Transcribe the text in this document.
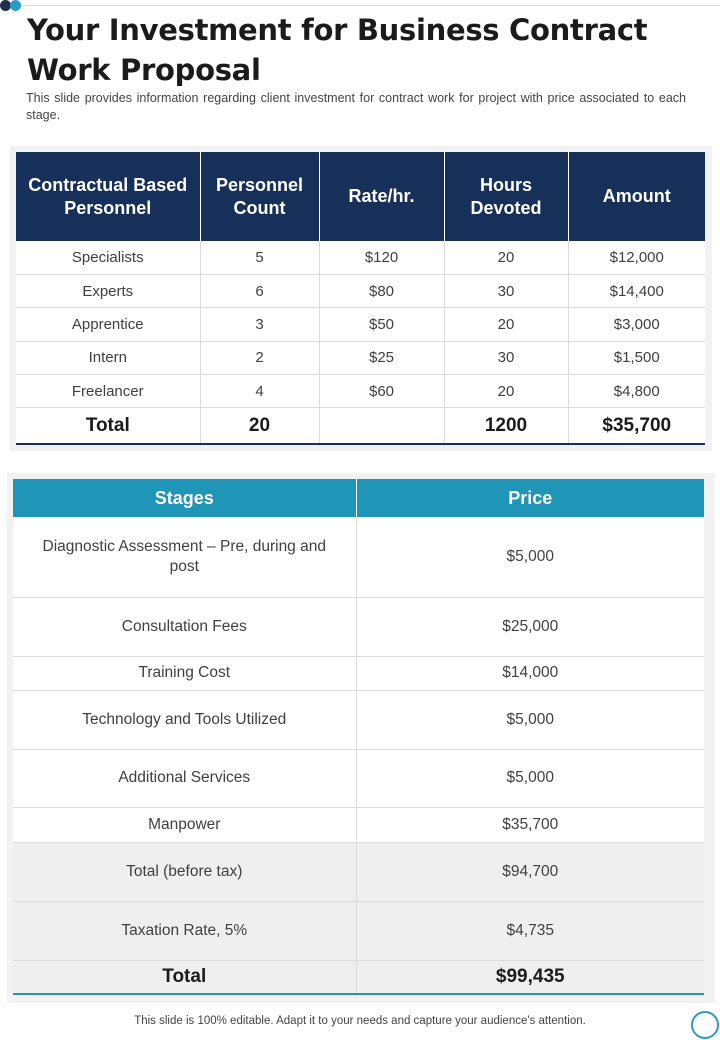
Your Investment for Business Contract
Work Proposal

This slide provides information regarding client investment for contract work for project with price associated to each stage.

Contractual Based Personnel	Personnel Count	Rate/hr.	Hours Devoted	Amount
Specialists	5	$120	20	$12,000
Experts	6	$80	30	$14,400
Apprentice	3	$50	20	$3,000
Intern	2	$25	30	$1,500
Freelancer	4	$60	20	$4,800
Total	20		1200	$35,700
Stages	Price
Diagnostic Assessment – Pre, during and post	$5,000
Consultation Fees	$25,000
Training Cost	$14,000
Technology and Tools Utilized	$5,000
Additional Services	$5,000
Manpower	$35,700
Total (before tax)	$94,700
Taxation Rate, 5%	$4,735
Total	$99,435

This slide is 100% editable. Adapt it to your needs and capture your audience's attention.
